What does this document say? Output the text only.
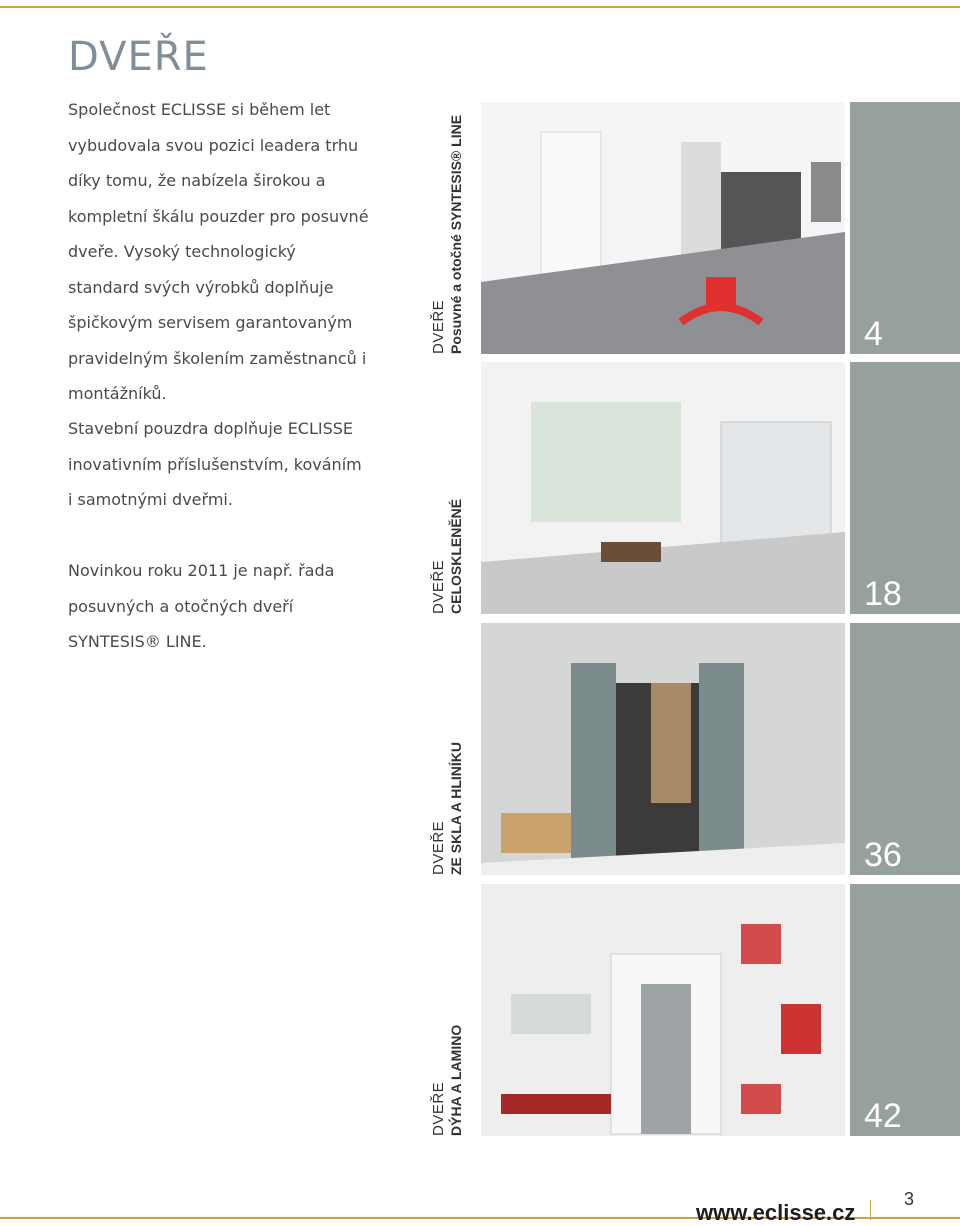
DVEŘE
Společnost ECLISSE si během let vybudovala svou pozici leadera trhu díky tomu, že nabízela širokou a kompletní škálu pouzder pro posuvné dveře. Vysoký technologický standard svých výrobků doplňuje špičkovým servisem garantovaným pravidelným školením zaměstnanců i montážníků.
Stavební pouzdra doplňuje ECLISSE inovativním příslušenstvím, kováním i samotnými dveřmi.
Novinkou roku 2011 je např. řada posuvných a otočných dveří SYNTESIS® LINE.
DVEŘE Posuvné a otočné SYNTESIS® LINE	4
DVEŘE CELOSKLENĚNÉ	18
DVEŘE ZE SKLA A HLINÍKU	36
DVEŘE DÝHA A LAMINO	42
www.eclisse.cz
3
